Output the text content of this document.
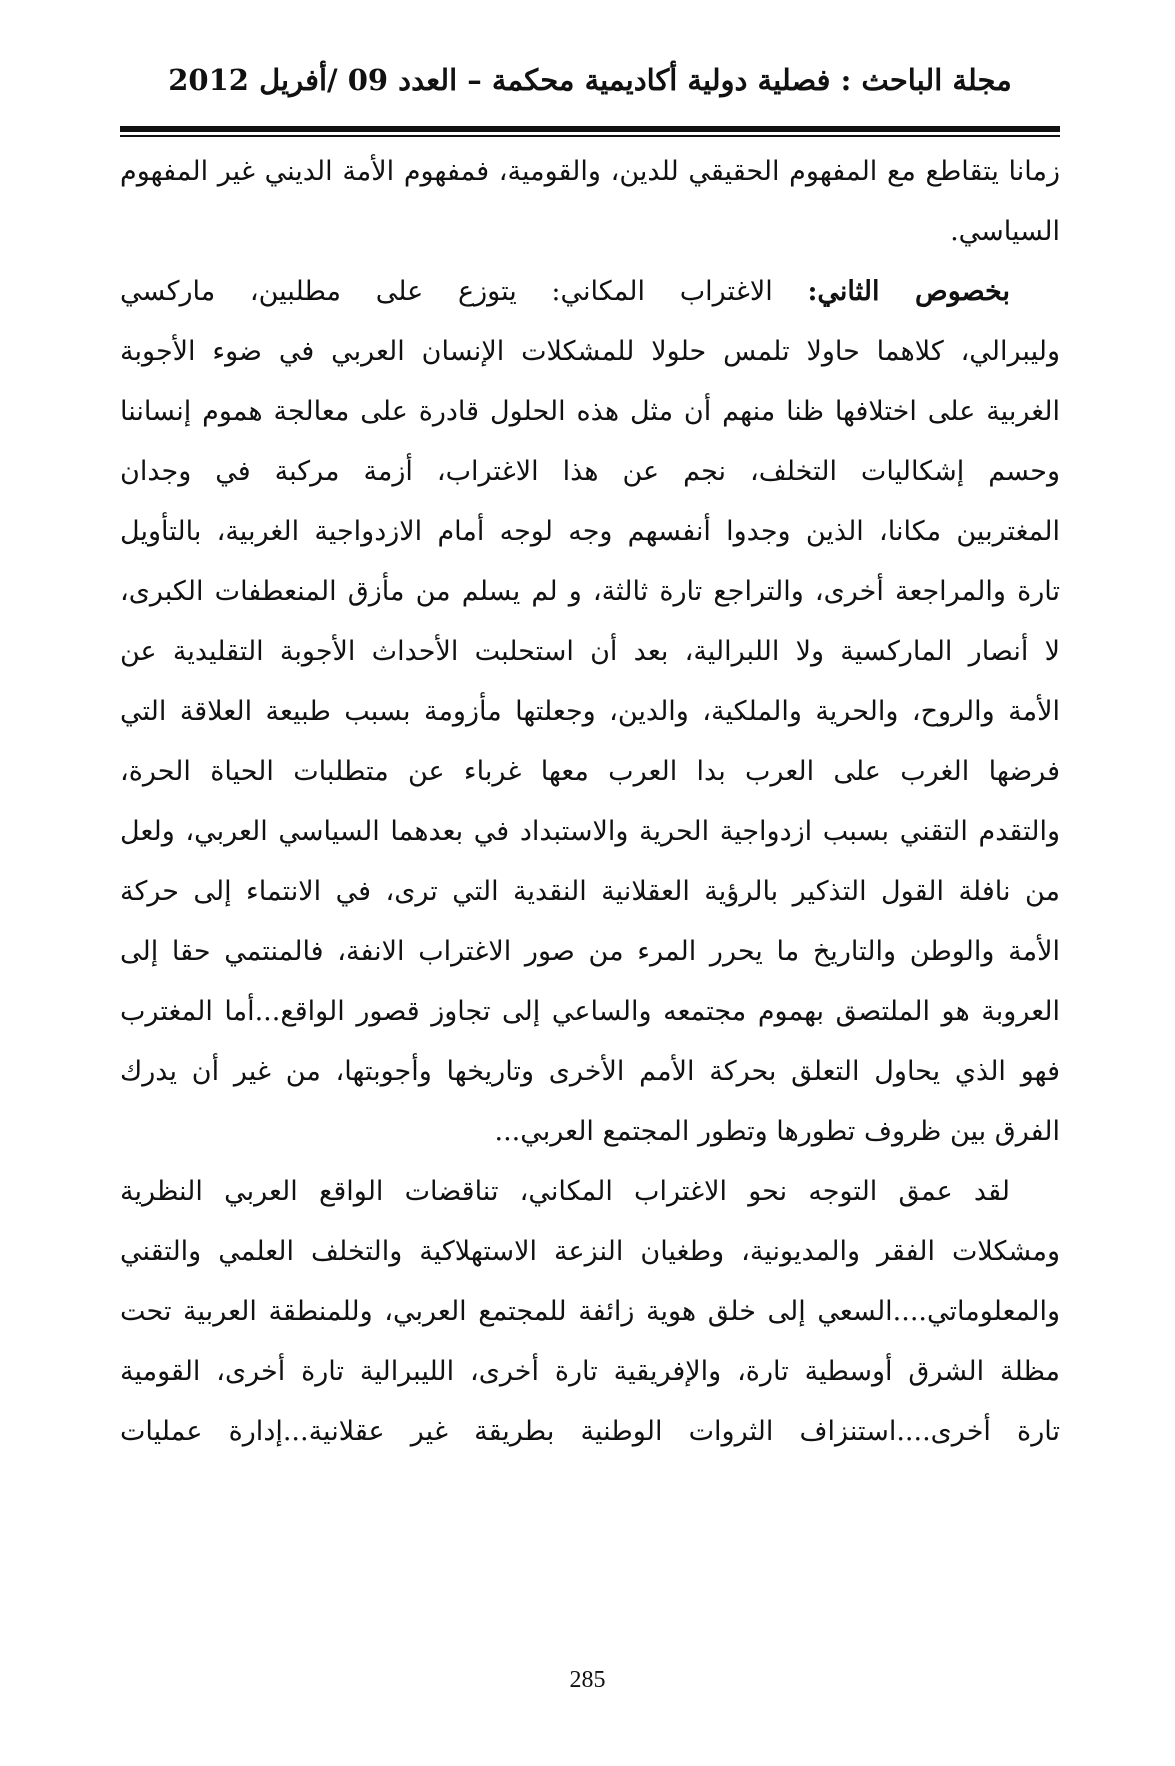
مجلة الباحث : فصلية دولية أكاديمية محكمة – العدد 09 /أفريل 2012
زمانا يتقاطع مع المفهوم الحقيقي للدين، والقومية، فمفهوم الأمة الديني غير المفهوم
السياسي.
بخصوص الثاني: الاغتراب المكاني: يتوزع على مطلبين، ماركسي
وليبرالي، كلاهما حاولا تلمس حلولا للمشكلات الإنسان العربي في ضوء الأجوبة
الغربية على اختلافها ظنا منهم أن مثل هذه الحلول قادرة على معالجة هموم إنساننا
وحسم إشكاليات التخلف، نجم عن هذا الاغتراب، أزمة مركبة في وجدان
المغتربين مكانا، الذين وجدوا أنفسهم وجه لوجه أمام الازدواجية الغربية، بالتأويل
تارة والمراجعة أخرى، والتراجع تارة ثالثة، و لم يسلم من مأزق المنعطفات الكبرى،
لا أنصار الماركسية ولا اللبرالية، بعد أن استحلبت الأحداث الأجوبة التقليدية عن
الأمة والروح، والحرية والملكية، والدين، وجعلتها مأزومة بسبب طبيعة العلاقة التي
فرضها الغرب على العرب بدا العرب معها غرباء عن متطلبات الحياة الحرة،
والتقدم التقني بسبب ازدواجية الحرية والاستبداد في بعدهما السياسي العربي، ولعل
من نافلة القول التذكير بالرؤية العقلانية النقدية التي ترى، في الانتماء إلى حركة
الأمة والوطن والتاريخ ما يحرر المرء من صور الاغتراب الانفة، فالمنتمي حقا إلى
العروبة هو الملتصق بهموم مجتمعه والساعي إلى تجاوز قصور الواقع...أما المغترب
فهو الذي يحاول التعلق بحركة الأمم الأخرى وتاريخها وأجوبتها، من غير أن يدرك
الفرق بين ظروف تطورها وتطور المجتمع العربي...
لقد عمق التوجه نحو الاغتراب المكاني، تناقضات الواقع العربي النظرية
ومشكلات الفقر والمديونية، وطغيان النزعة الاستهلاكية والتخلف العلمي والتقني
والمعلوماتي....السعي إلى خلق هوية زائفة للمجتمع العربي، وللمنطقة العربية تحت
مظلة الشرق أوسطية تارة، والإفريقية تارة أخرى، الليبرالية تارة أخرى، القومية
تارة أخرى....استنزاف الثروات الوطنية بطريقة غير عقلانية...إدارة عمليات
285
